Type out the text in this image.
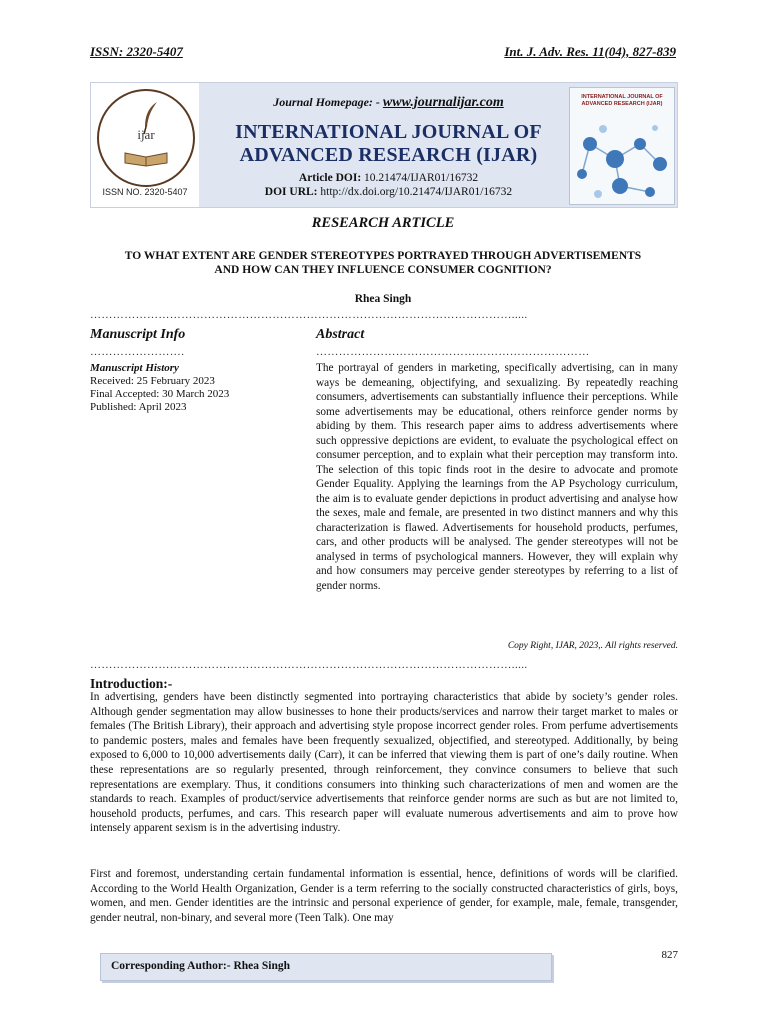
ISSN: 2320-5407	Int. J. Adv. Res. 11(04), 827-839
ijar
ISSN NO. 2320-5407
Journal Homepage: - www.journalijar.com
INTERNATIONAL JOURNAL OF
ADVANCED RESEARCH (IJAR)
Article DOI: 10.21474/IJAR01/16732
DOI URL: http://dx.doi.org/10.21474/IJAR01/16732
INTERNATIONAL JOURNAL OF ADVANCED RESEARCH (IJAR)
RESEARCH ARTICLE
TO WHAT EXTENT ARE GENDER STEREOTYPES PORTRAYED THROUGH ADVERTISEMENTS
AND HOW CAN THEY INFLUENCE CONSUMER COGNITION?
Rhea Singh
………………………………………………………………………………………………….....
Manuscript Info
…………………….
Manuscript History
Received: 25 February 2023
Final Accepted: 30 March 2023
Published: April 2023
Abstract
………………………………………………………………
The portrayal of genders in marketing, specifically advertising, can in many ways be demeaning, objectifying, and sexualizing. By repeatedly reaching consumers, advertisements can substantially influence their perceptions. While some advertisements may be educational, others reinforce gender norms by abiding by them. This research paper aims to address advertisements where such oppressive depictions are evident, to evaluate the psychological effect on consumer perception, and to explain what their perception may transform into. The selection of this topic finds root in the desire to advocate and promote Gender Equality. Applying the learnings from the AP Psychology curriculum, the aim is to evaluate gender depictions in product advertising and analyse how the sexes, male and female, are presented in two distinct manners and why this characterization is flawed. Advertisements for household products, perfumes, cars, and other products will be analysed. The gender stereotypes will not be analysed in terms of psychological manners. However, they will explain why and how consumers may perceive gender stereotypes by referring to a list of gender norms.
Copy Right, IJAR, 2023,. All rights reserved.
………………………………………………………………………………………………….....
Introduction:-
In advertising, genders have been distinctly segmented into portraying characteristics that abide by society’s gender roles. Although gender segmentation may allow businesses to hone their products/services and narrow their target market to males or females (The British Library), their approach and advertising style propose incorrect gender roles. From perfume advertisements to pandemic posters, males and females have been frequently sexualized, objectified, and stereotyped. Additionally, by being exposed to 6,000 to 10,000 advertisements daily (Carr), it can be inferred that viewing them is part of one’s daily routine. When these representations are so regularly presented, through reinforcement, they convince consumers to believe that such representations are exemplary. Thus, it conditions consumers into thinking such characterizations of men and women are the standards to reach. Examples of product/service advertisements that reinforce gender norms are such as but are not limited to, household products, perfumes, and cars. This research paper will evaluate numerous advertisements and aim to prove how intensely apparent sexism is in the advertising industry.
First and foremost, understanding certain fundamental information is essential, hence, definitions of words will be clarified. According to the World Health Organization, Gender is a term referring to the socially constructed characteristics of girls, boys, women, and men. Gender identities are the intrinsic and personal experience of gender, for example, male, female, transgender, gender neutral, non-binary, and several more (Teen Talk). One may
827
Corresponding Author:- Rhea Singh
